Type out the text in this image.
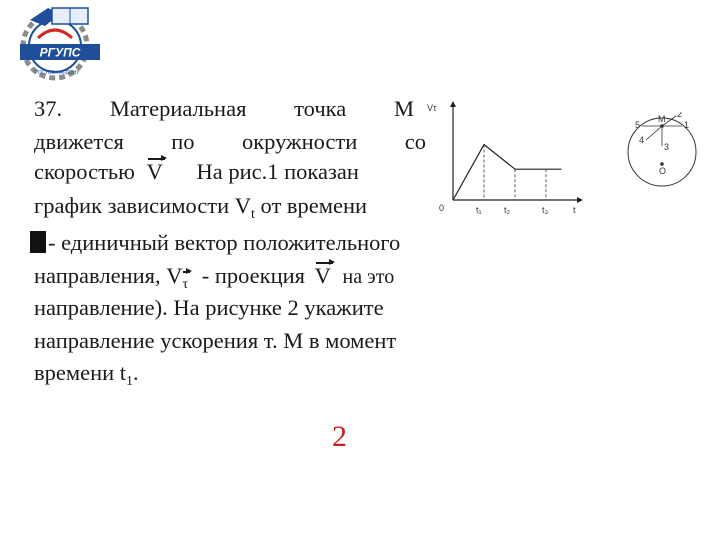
РГУПС
РОСТОВ-НА-ДОНУ
37. Материальная точка М
движется по окружности со
скоростью V На рис.1 показан
график зависимости $V_t$ от времени
- единичный вектор положительного
направления, Vτ - проекция V на это
направление). На рисунке 2 укажите
направление ускорения т. М в момент
времени $t_1$.
Vτ
0	t₁ t₂	t₃	t
M
O
1
2
3
4
5
2
